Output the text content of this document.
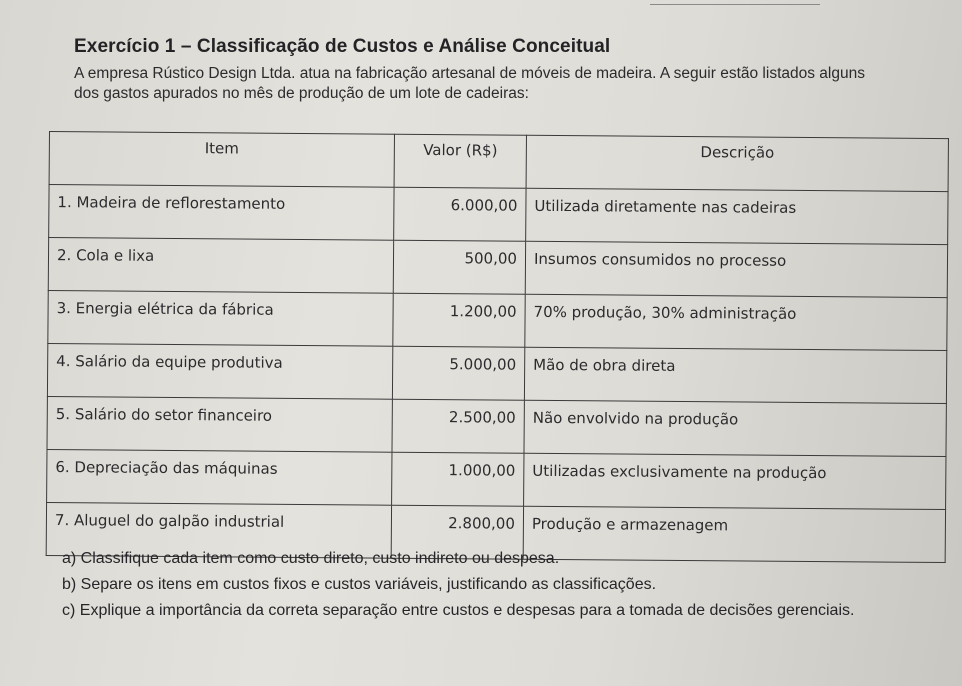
Exercício 1 – Classificação de Custos e Análise Conceitual
A empresa Rústico Design Ltda. atua na fabricação artesanal de móveis de madeira. A seguir estão listados alguns dos gastos apurados no mês de produção de um lote de cadeiras:
Item	Valor (R$)	Descrição
1. Madeira de reflorestamento	6.000,00	Utilizada diretamente nas cadeiras
2. Cola e lixa	500,00	Insumos consumidos no processo
3. Energia elétrica da fábrica	1.200,00	70% produção, 30% administração
4. Salário da equipe produtiva	5.000,00	Mão de obra direta
5. Salário do setor financeiro	2.500,00	Não envolvido na produção
6. Depreciação das máquinas	1.000,00	Utilizadas exclusivamente na produção
7. Aluguel do galpão industrial	2.800,00	Produção e armazenagem

a) Classifique cada item como custo direto, custo indireto ou despesa.

b) Separe os itens em custos fixos e custos variáveis, justificando as classificações.

c) Explique a importância da correta separação entre custos e despesas para a tomada de decisões gerenciais.
